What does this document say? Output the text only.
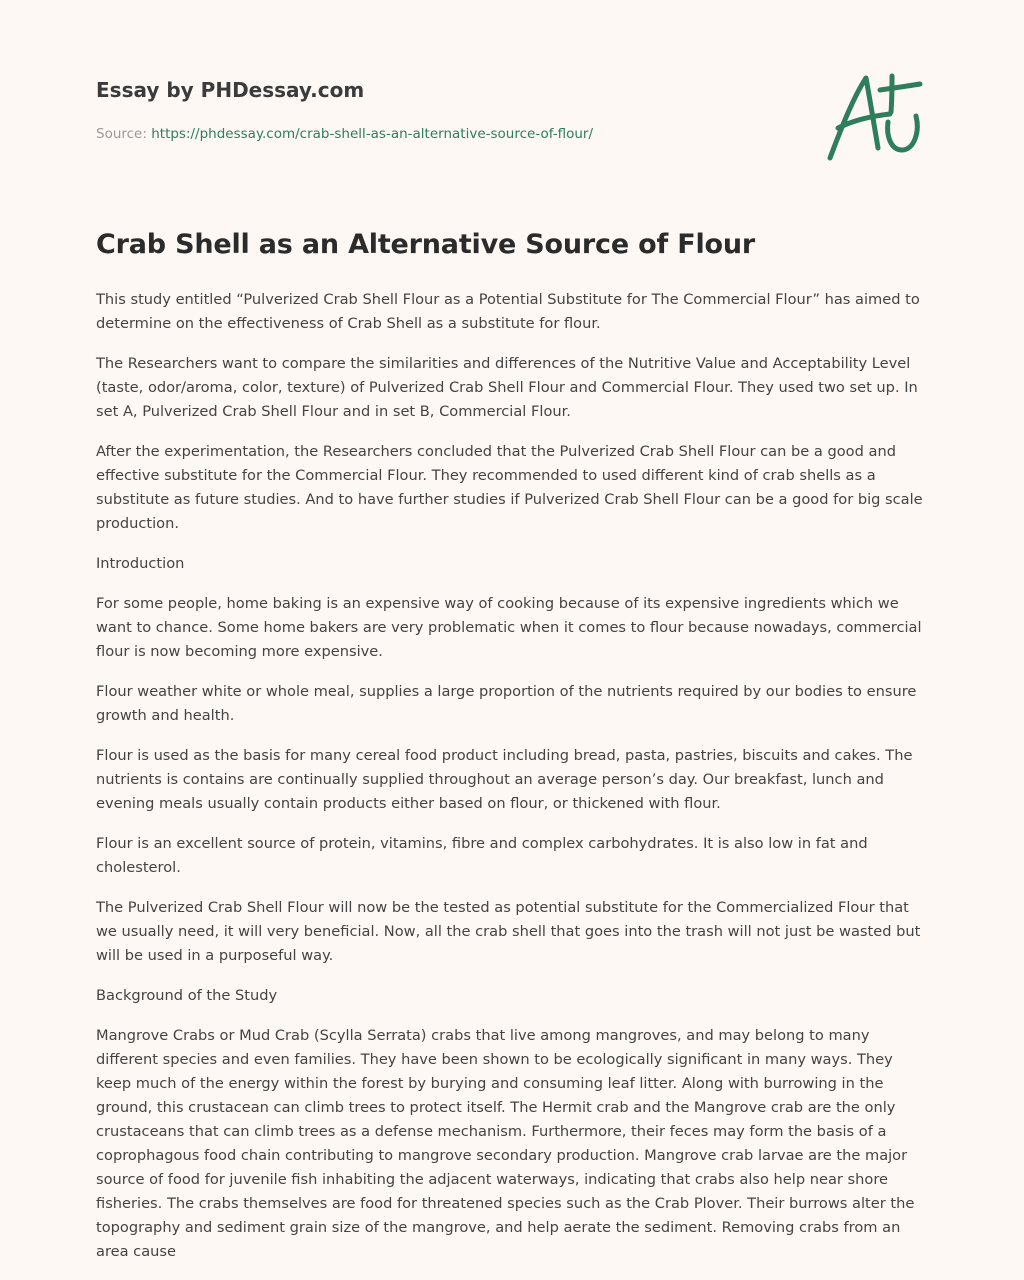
Essay by PHDessay.com
Source: https://phdessay.com/crab-shell-as-an-alternative-source-of-flour/
Crab Shell as an Alternative Source of Flour

This study entitled “Pulverized Crab Shell Flour as a Potential Substitute for The Commercial Flour” has aimed to determine on the effectiveness of Crab Shell as a substitute for flour.

The Researchers want to compare the similarities and differences of the Nutritive Value and Acceptability Level (taste, odor/aroma, color, texture) of Pulverized Crab Shell Flour and Commercial Flour. They used two set up. In set A, Pulverized Crab Shell Flour and in set B, Commercial Flour.

After the experimentation, the Researchers concluded that the Pulverized Crab Shell Flour can be a good and effective substitute for the Commercial Flour. They recommended to used different kind of crab shells as a substitute as future studies. And to have further studies if Pulverized Crab Shell Flour can be a good for big scale production.

Introduction

For some people, home baking is an expensive way of cooking because of its expensive ingredients which we want to chance. Some home bakers are very problematic when it comes to flour because nowadays, commercial flour is now becoming more expensive.

Flour weather white or whole meal, supplies a large proportion of the nutrients required by our bodies to ensure growth and health.

Flour is used as the basis for many cereal food product including bread, pasta, pastries, biscuits and cakes. The nutrients is contains are continually supplied throughout an average person’s day. Our breakfast, lunch and evening meals usually contain products either based on flour, or thickened with flour.

Flour is an excellent source of protein, vitamins, fibre and complex carbohydrates. It is also low in fat and cholesterol.

The Pulverized Crab Shell Flour will now be the tested as potential substitute for the Commercialized Flour that we usually need, it will very beneficial. Now, all the crab shell that goes into the trash will not just be wasted but will be used in a purposeful way.

Background of the Study

Mangrove Crabs or Mud Crab (Scylla Serrata) crabs that live among mangroves, and may belong to many different species and even families. They have been shown to be ecologically significant in many ways. They keep much of the energy within the forest by burying and consuming leaf litter. Along with burrowing in the ground, this crustacean can climb trees to protect itself. The Hermit crab and the Mangrove crab are the only crustaceans that can climb trees as a defense mechanism. Furthermore, their feces may form the basis of a coprophagous food chain contributing to mangrove secondary production. Mangrove crab larvae are the major source of food for juvenile fish inhabiting the adjacent waterways, indicating that crabs also help near shore fisheries. The crabs themselves are food for threatened species such as the Crab Plover. Their burrows alter the topography and sediment grain size of the mangrove, and help aerate the sediment. Removing crabs from an area cause
